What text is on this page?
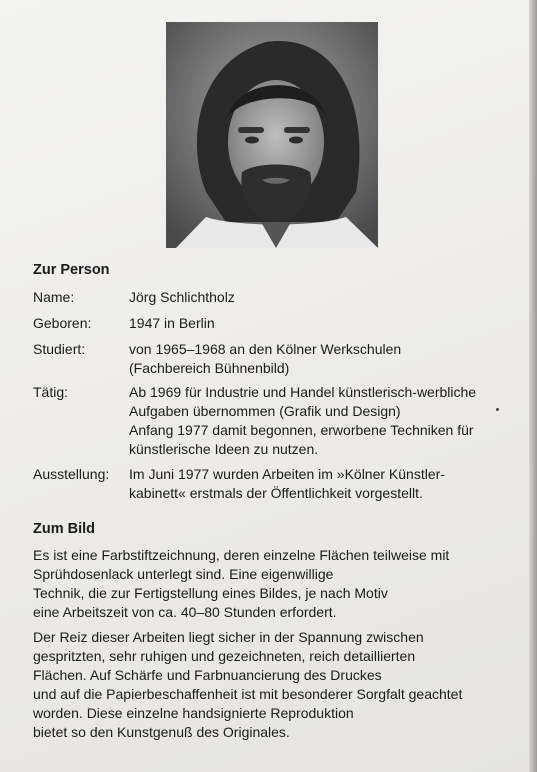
Zur Person
Name:	Jörg Schlichtholz
Geboren:	1947 in Berlin
Studiert:	von 1965–1968 an den Kölner Werkschulen
(Fachbereich Bühnenbild)
Tätig:	Ab 1969 für Industrie und Handel künstlerisch-werbliche
Aufgaben übernommen (Grafik und Design)
Anfang 1977 damit begonnen, erworbene Techniken für
künstlerische Ideen zu nutzen.
Ausstellung: Im Juni 1977 wurden Arbeiten im »Kölner Künstler-
kabinett« erstmals der Öffentlichkeit vorgestellt.
Zum Bild
Es ist eine Farbstiftzeichnung, deren einzelne Flächen teilweise mit
Sprühdosenlack unterlegt sind. Eine eigenwillige
Technik, die zur Fertigstellung eines Bildes, je nach Motiv
eine Arbeitszeit von ca. 40–80 Stunden erfordert.
Der Reiz dieser Arbeiten liegt sicher in der Spannung zwischen
gespritzten, sehr ruhigen und gezeichneten, reich detaillierten
Flächen. Auf Schärfe und Farbnuancierung des Druckes
und auf die Papierbeschaffenheit ist mit besonderer Sorgfalt geachtet
worden. Diese einzelne handsignierte Reproduktion
bietet so den Kunstgenuß des Originales.
